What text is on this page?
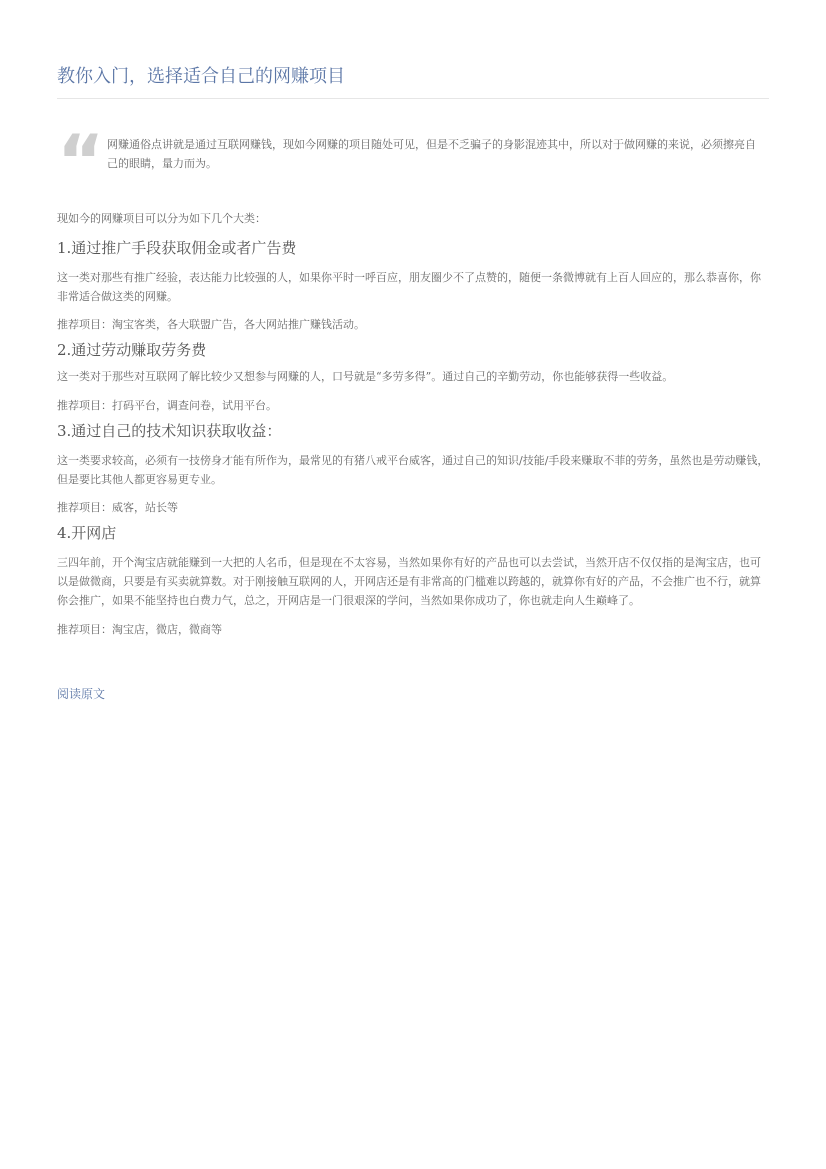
教你入门，选择适合自己的网赚项目
“ 网赚通俗点讲就是通过互联网赚钱，现如今网赚的项目随处可见，但是不乏骗子的身影混迹其中，所以对于做网赚的来说，必须擦亮自己的眼睛，量力而为。

现如今的网赚项目可以分为如下几个大类：

1.通过推广手段获取佣金或者广告费

这一类对那些有推广经验，表达能力比较强的人，如果你平时一呼百应，朋友圈少不了点赞的，随便一条微博就有上百人回应的，那么恭喜你，你非常适合做这类的网赚。

推荐项目：淘宝客类，各大联盟广告，各大网站推广赚钱活动。

2.通过劳动赚取劳务费

这一类对于那些对互联网了解比较少又想参与网赚的人，口号就是“多劳多得”。通过自己的辛勤劳动，你也能够获得一些收益。

推荐项目：打码平台，调查问卷，试用平台。

3.通过自己的技术知识获取收益：

这一类要求较高，必须有一技傍身才能有所作为，最常见的有猪八戒平台威客，通过自己的知识/技能/手段来赚取不菲的劳务，虽然也是劳动赚钱，但是要比其他人都更容易更专业。

推荐项目：威客，站长等

4.开网店

三四年前，开个淘宝店就能赚到一大把的人名币，但是现在不太容易，当然如果你有好的产品也可以去尝试，当然开店不仅仅指的是淘宝店，也可以是做微商，只要是有买卖就算数。对于刚接触互联网的人，开网店还是有非常高的门槛难以跨越的，就算你有好的产品，不会推广也不行，就算你会推广，如果不能坚持也白费力气，总之，开网店是一门很艰深的学问，当然如果你成功了，你也就走向人生巅峰了。

推荐项目：淘宝店，微店，微商等

阅读原文
